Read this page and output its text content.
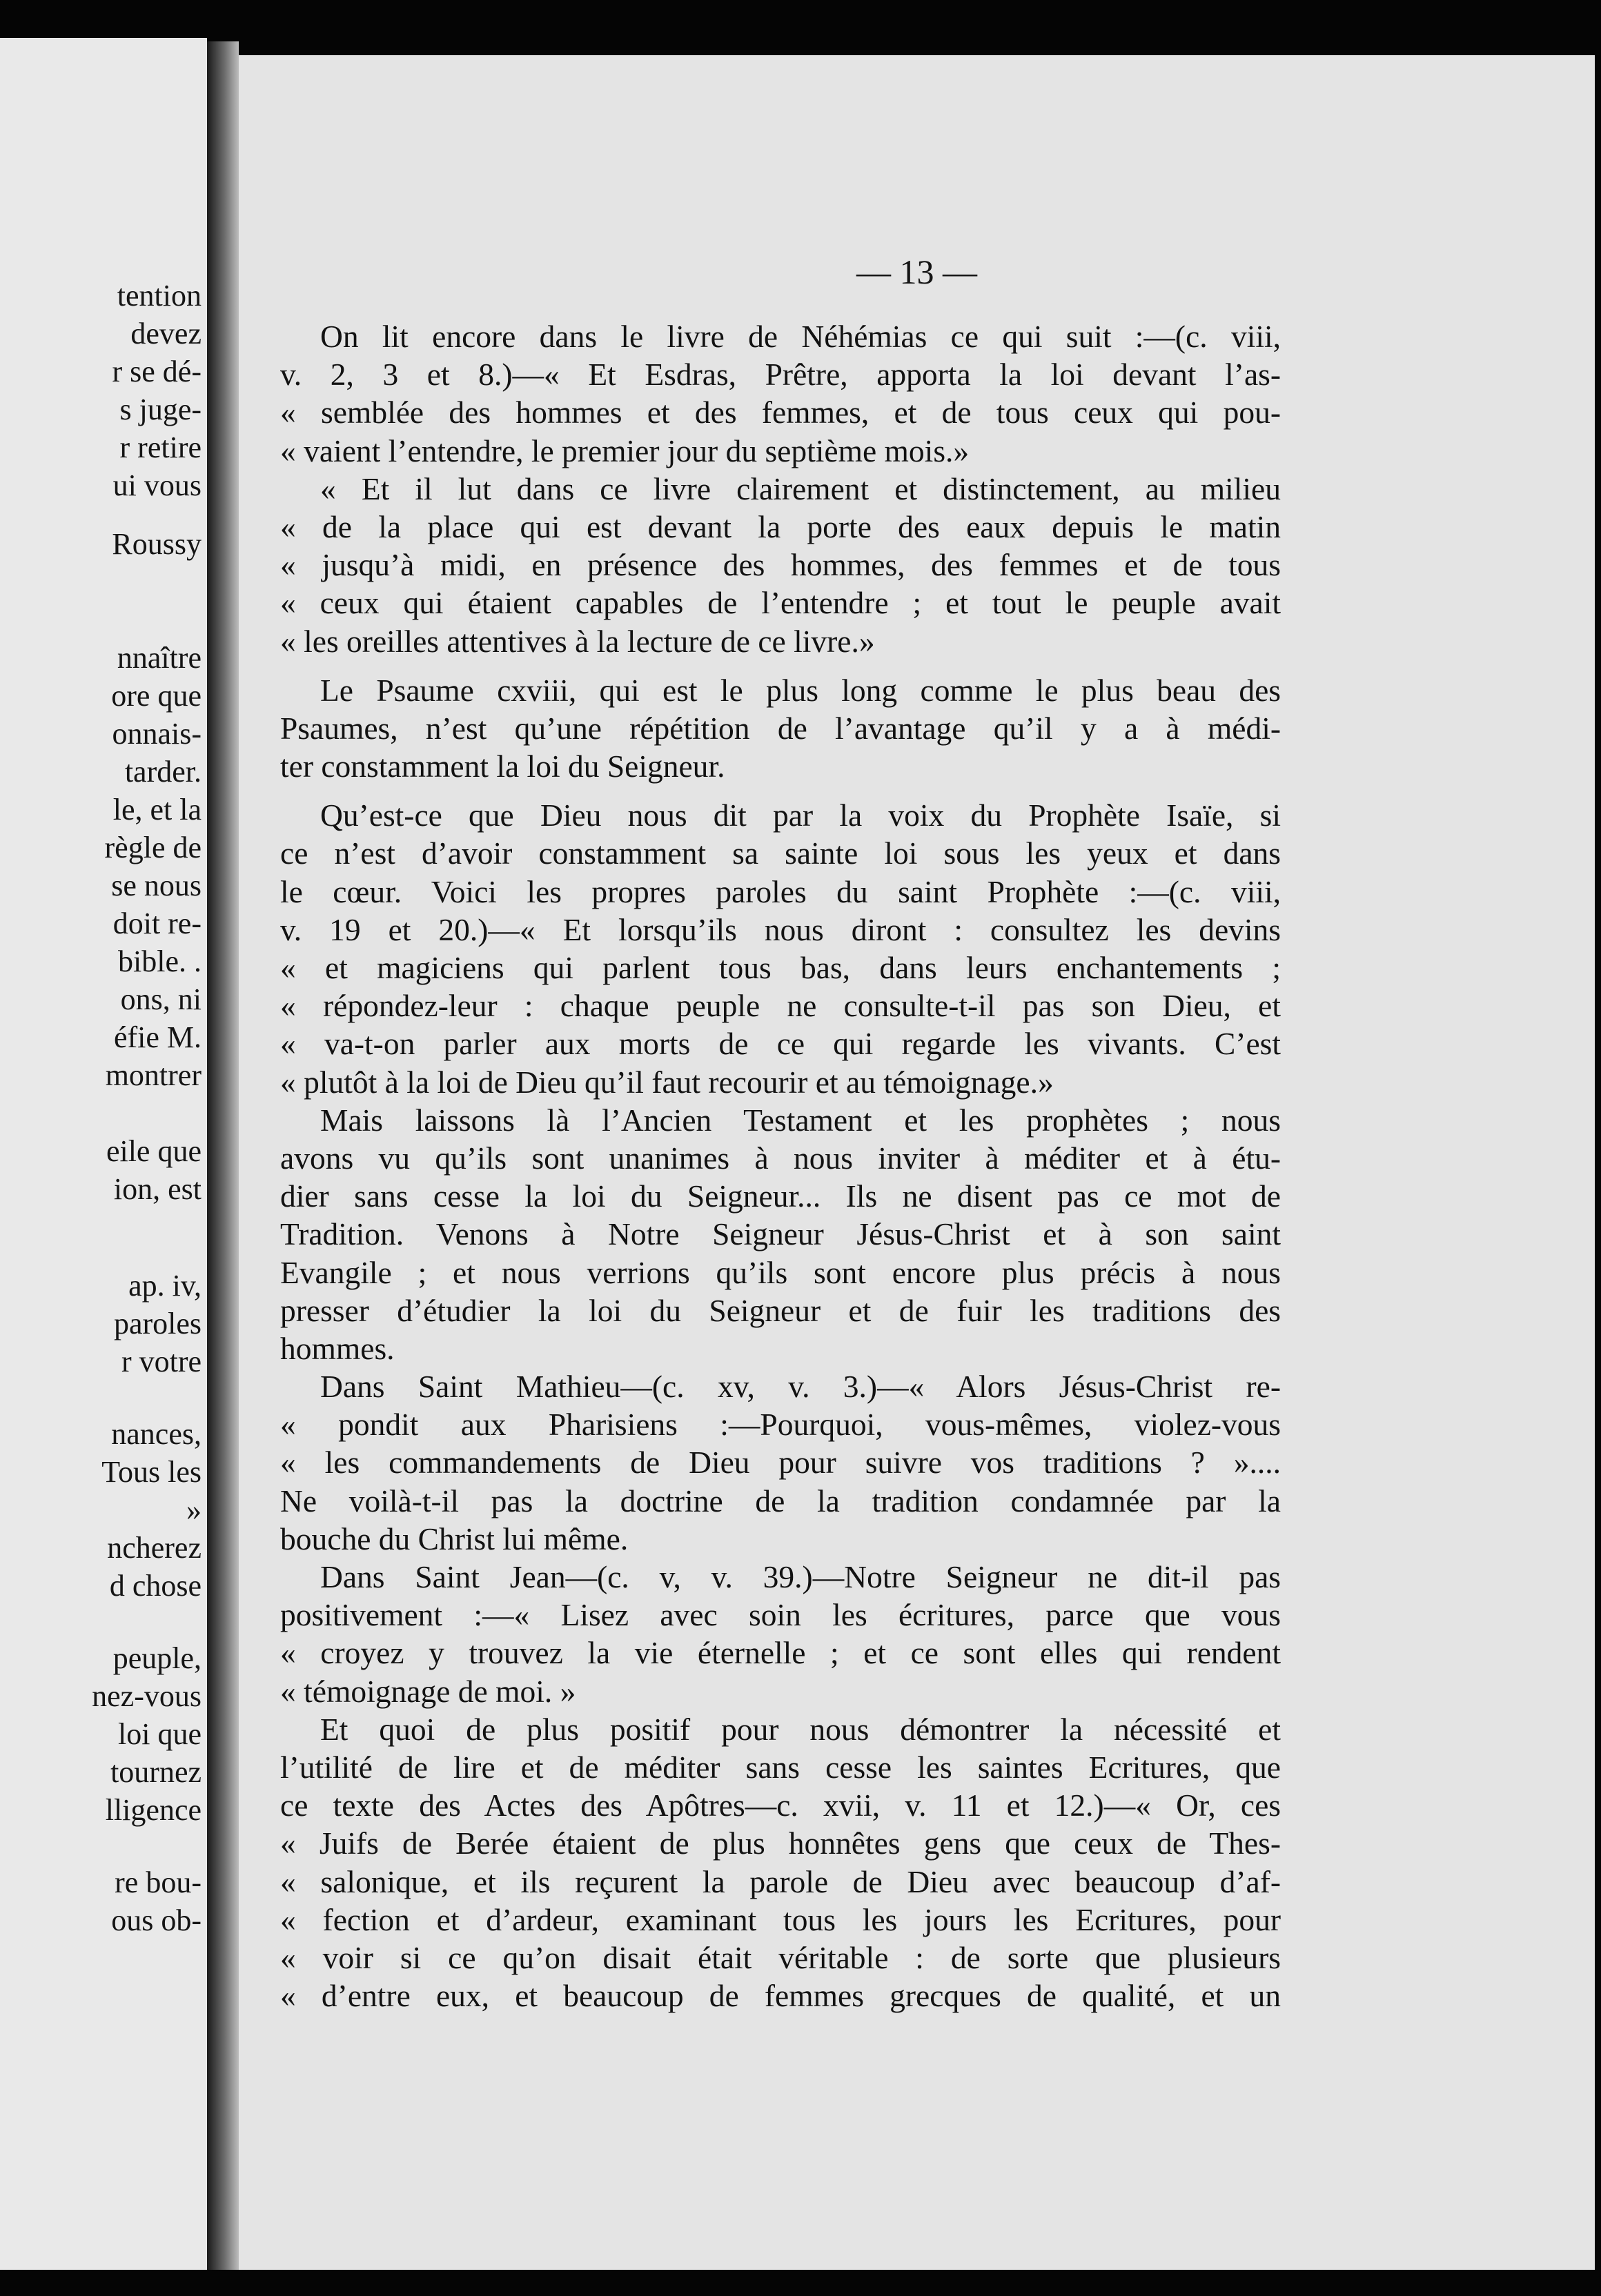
tention
devez
r se dé-
s juge-
r retire
ui vous
Roussy
nnaître
ore que
onnais-
tarder.
le, et la
règle de
se nous
doit re-
bible. .
ons, ni
éfie M.
montrer
eile que
ion, est
ap. iv,
paroles
r votre
nances,
Tous les
»
ncherez
d chose
peuple,
nez-vous
loi que
tournez
lligence
re bou-
ous ob-
— 13 —
On lit encore dans le livre de Néhémias ce qui suit :—(c. viii,
v. 2, 3 et 8.)—« Et Esdras, Prêtre, apporta la loi devant l’as-
« semblée des hommes et des femmes, et de tous ceux qui pou-
« vaient l’entendre, le premier jour du septième mois.»
« Et il lut dans ce livre clairement et distinctement, au milieu
« de la place qui est devant la porte des eaux depuis le matin
« jusqu’à midi, en présence des hommes, des femmes et de tous
« ceux qui étaient capables de l’entendre ; et tout le peuple avait
« les oreilles attentives à la lecture de ce livre.»
Le Psaume cxviii, qui est le plus long comme le plus beau des
Psaumes, n’est qu’une répétition de l’avantage qu’il y a à médi-
ter constamment la loi du Seigneur.
Qu’est-ce que Dieu nous dit par la voix du Prophète Isaïe, si
ce n’est d’avoir constamment sa sainte loi sous les yeux et dans
le cœur. Voici les propres paroles du saint Prophète :—(c. viii,
v. 19 et 20.)—« Et lorsqu’ils nous diront : consultez les devins
« et magiciens qui parlent tous bas, dans leurs enchantements ;
« répondez-leur : chaque peuple ne consulte-t-il pas son Dieu, et
« va-t-on parler aux morts de ce qui regarde les vivants. C’est
« plutôt à la loi de Dieu qu’il faut recourir et au témoignage.»
Mais laissons là l’Ancien Testament et les prophètes ; nous
avons vu qu’ils sont unanimes à nous inviter à méditer et à étu-
dier sans cesse la loi du Seigneur... Ils ne disent pas ce mot de
Tradition. Venons à Notre Seigneur Jésus-Christ et à son saint
Evangile ; et nous verrions qu’ils sont encore plus précis à nous
presser d’étudier la loi du Seigneur et de fuir les traditions des
hommes.
Dans Saint Mathieu—(c. xv, v. 3.)—« Alors Jésus-Christ re-
« pondit aux Pharisiens :—Pourquoi, vous-mêmes, violez-vous
« les commandements de Dieu pour suivre vos traditions ? »....
Ne voilà-t-il pas la doctrine de la tradition condamnée par la
bouche du Christ lui même.
Dans Saint Jean—(c. v, v. 39.)—Notre Seigneur ne dit-il pas
positivement :—« Lisez avec soin les écritures, parce que vous
« croyez y trouvez la vie éternelle ; et ce sont elles qui rendent
« témoignage de moi. »
Et quoi de plus positif pour nous démontrer la nécessité et
l’utilité de lire et de méditer sans cesse les saintes Ecritures, que
ce texte des Actes des Apôtres—c. xvii, v. 11 et 12.)—« Or, ces
« Juifs de Berée étaient de plus honnêtes gens que ceux de Thes-
« salonique, et ils reçurent la parole de Dieu avec beaucoup d’af-
« fection et d’ardeur, examinant tous les jours les Ecritures, pour
« voir si ce qu’on disait était véritable : de sorte que plusieurs
« d’entre eux, et beaucoup de femmes grecques de qualité, et un
